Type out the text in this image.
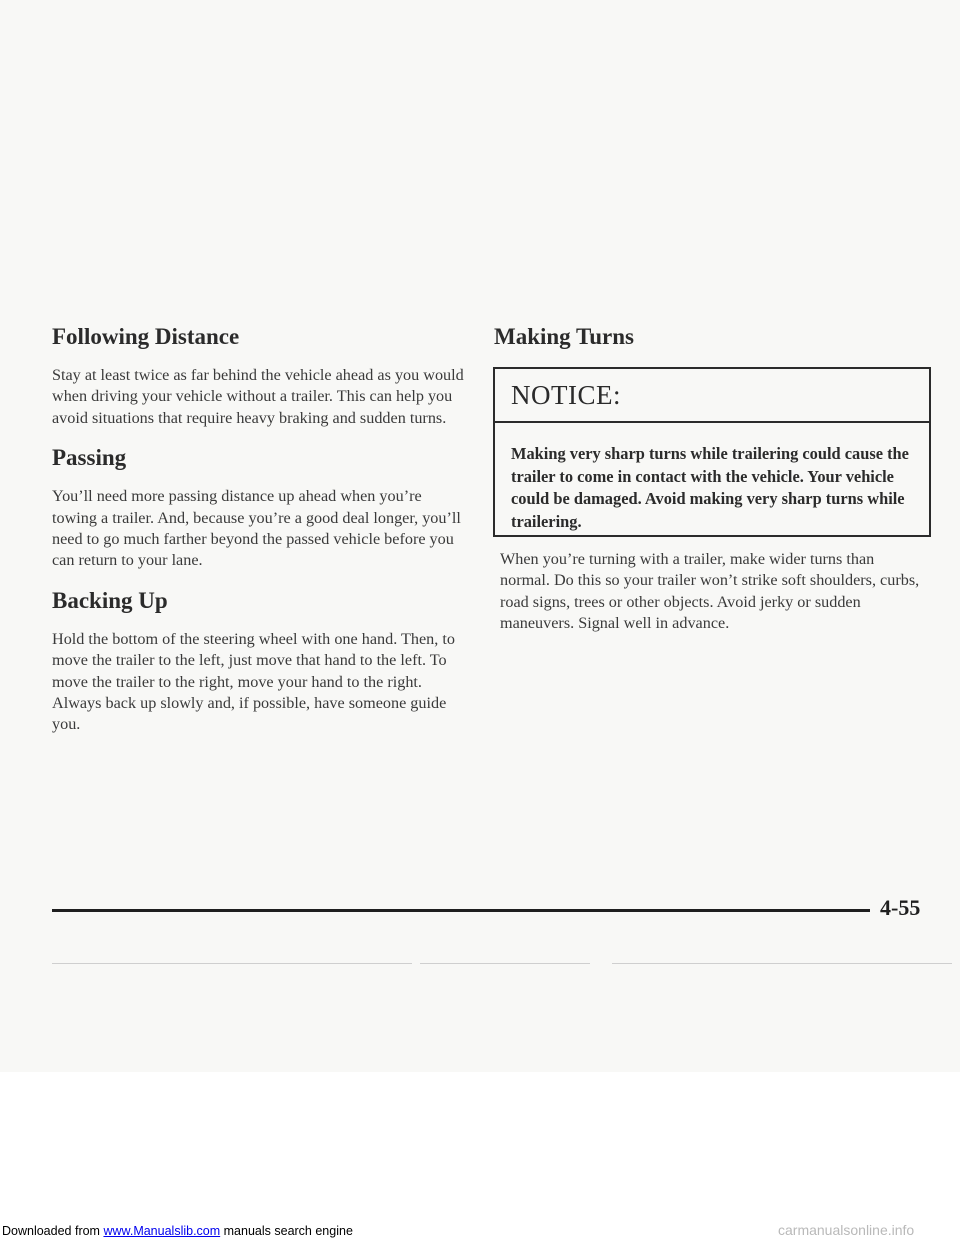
Following Distance

Stay at least twice as far behind the vehicle ahead as you would when driving your vehicle without a trailer. This can help you avoid situations that require heavy braking and sudden turns.

Passing

You’ll need more passing distance up ahead when you’re towing a trailer. And, because you’re a good deal longer, you’ll need to go much farther beyond the passed vehicle before you can return to your lane.

Backing Up

Hold the bottom of the steering wheel with one hand. Then, to move the trailer to the left, just move that hand to the left. To move the trailer to the right, move your hand to the right. Always back up slowly and, if possible, have someone guide you.

Making Turns
NOTICE:
Making very sharp turns while trailering could cause the trailer to come in contact with the vehicle. Your vehicle could be damaged. Avoid making very sharp turns while trailering.

When you’re turning with a trailer, make wider turns than normal. Do this so your trailer won’t strike soft shoulders, curbs, road signs, trees or other objects. Avoid jerky or sudden maneuvers. Signal well in advance.

4-55
Downloaded from www.Manualslib.com manuals search engine	carmanualsonline.info
